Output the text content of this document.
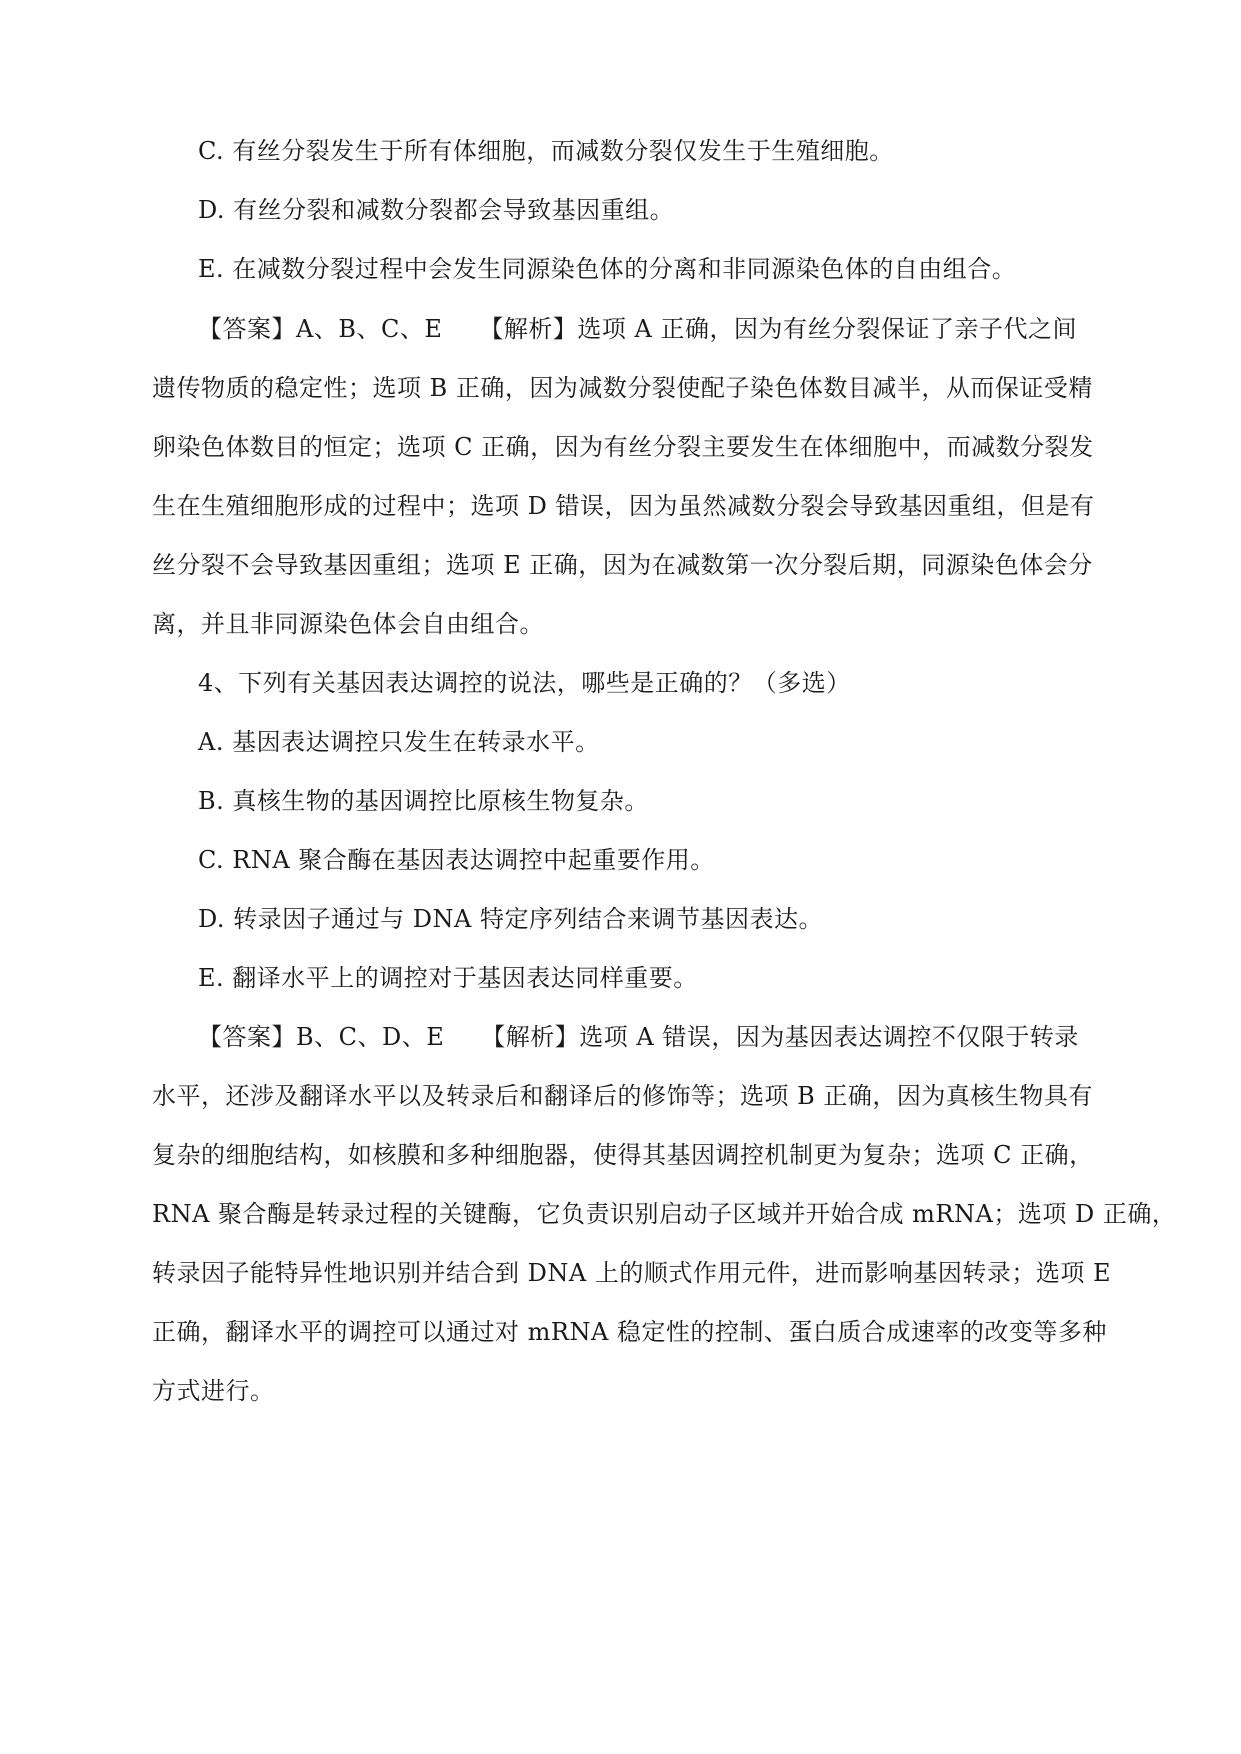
C. 有丝分裂发生于所有体细胞，而减数分裂仅发生于生殖细胞。
D. 有丝分裂和减数分裂都会导致基因重组。
E. 在减数分裂过程中会发生同源染色体的分离和非同源染色体的自由组合。
【答案】A、B、C、E　　【解析】选项 A 正确，因为有丝分裂保证了亲子代之间
遗传物质的稳定性；选项 B 正确，因为减数分裂使配子染色体数目减半，从而保证受精
卵染色体数目的恒定；选项 C 正确，因为有丝分裂主要发生在体细胞中，而减数分裂发
生在生殖细胞形成的过程中；选项 D 错误，因为虽然减数分裂会导致基因重组，但是有
丝分裂不会导致基因重组；选项 E 正确，因为在减数第一次分裂后期，同源染色体会分
离，并且非同源染色体会自由组合。
4、下列有关基因表达调控的说法，哪些是正确的？（多选）
A. 基因表达调控只发生在转录水平。
B. 真核生物的基因调控比原核生物复杂。
C. RNA 聚合酶在基因表达调控中起重要作用。
D. 转录因子通过与 DNA 特定序列结合来调节基因表达。
E. 翻译水平上的调控对于基因表达同样重要。
【答案】B、C、D、E　　【解析】选项 A 错误，因为基因表达调控不仅限于转录
水平，还涉及翻译水平以及转录后和翻译后的修饰等；选项 B 正确，因为真核生物具有
复杂的细胞结构，如核膜和多种细胞器，使得其基因调控机制更为复杂；选项 C 正确，
RNA 聚合酶是转录过程的关键酶，它负责识别启动子区域并开始合成 mRNA；选项 D 正确，
转录因子能特异性地识别并结合到 DNA 上的顺式作用元件，进而影响基因转录；选项 E
正确，翻译水平的调控可以通过对 mRNA 稳定性的控制、蛋白质合成速率的改变等多种
方式进行。
